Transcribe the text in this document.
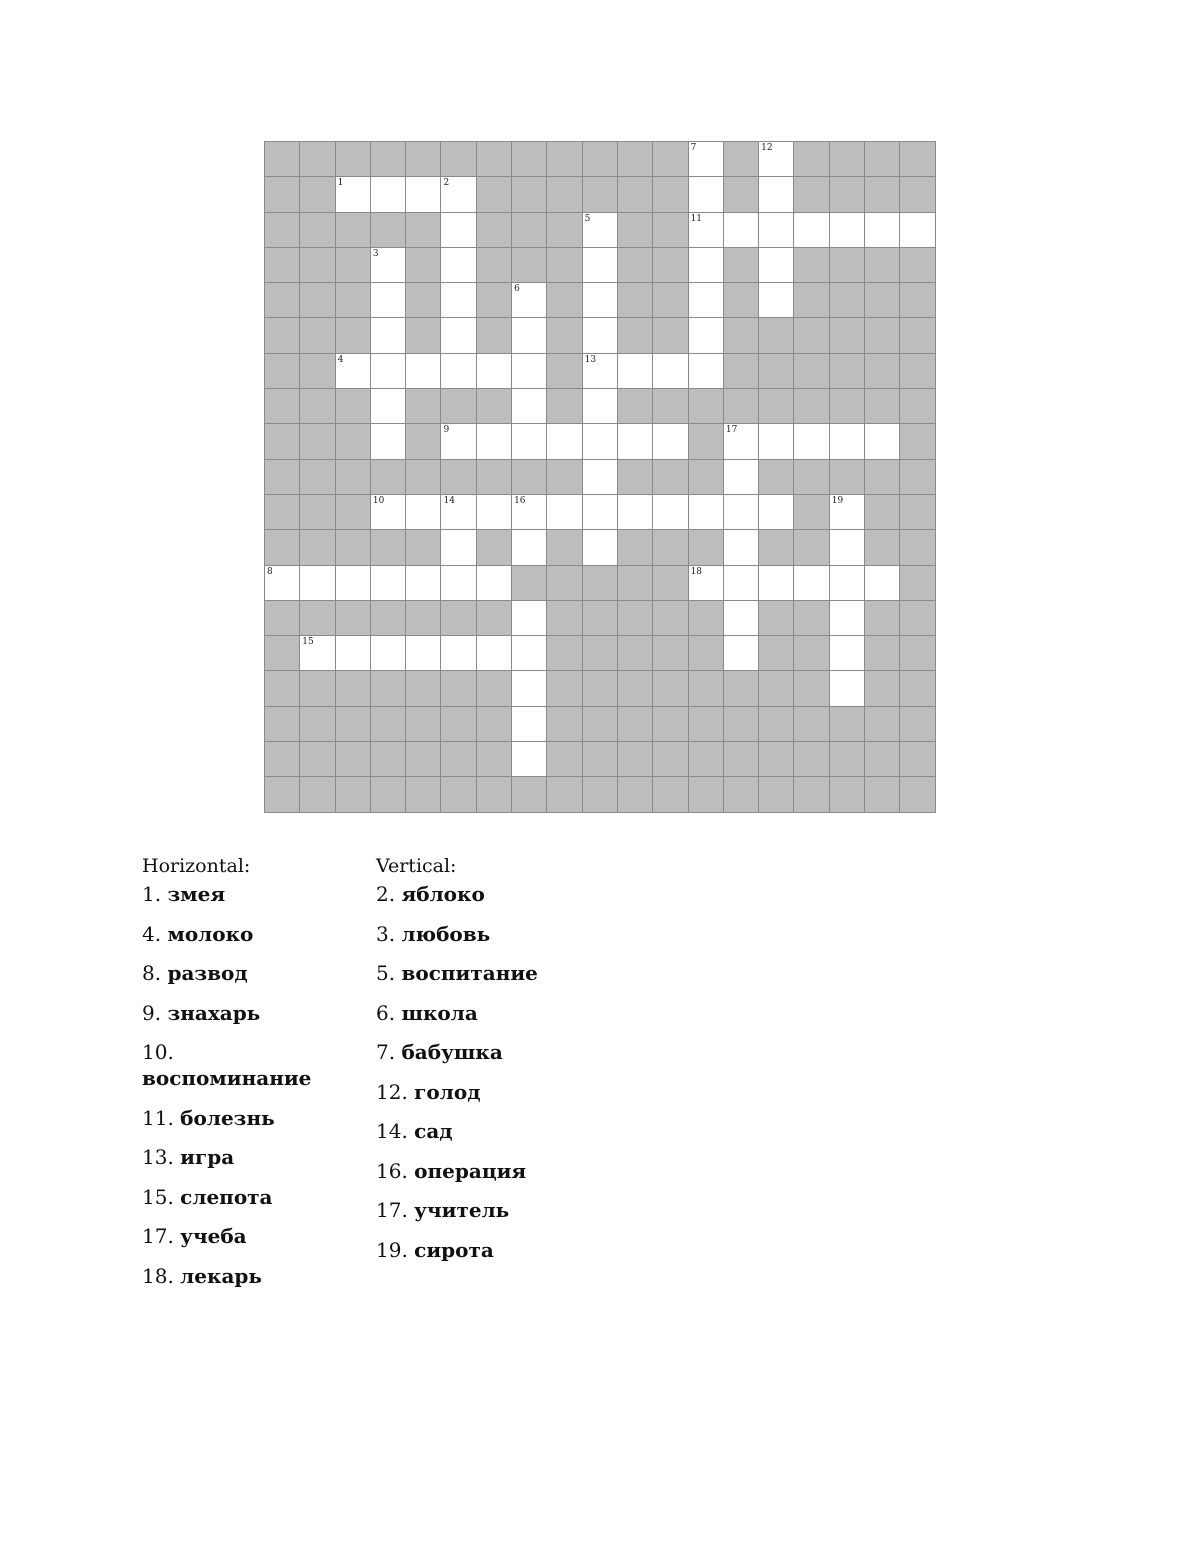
7	12
1	2
5	11
3
6
4	13
9	17
10	14	16	19
8	18
15
Horizontal:
1. змея
4. молоко
8. развод
9. знахарь
10. воспоминание
11. болезнь
13. игра
15. слепота
17. учеба
18. лекарь
Vertical:
2. яблоко
3. любовь
5. воспитание
6. школа
7. бабушка
12. голод
14. сад
16. операция
17. учитель
19. сирота
